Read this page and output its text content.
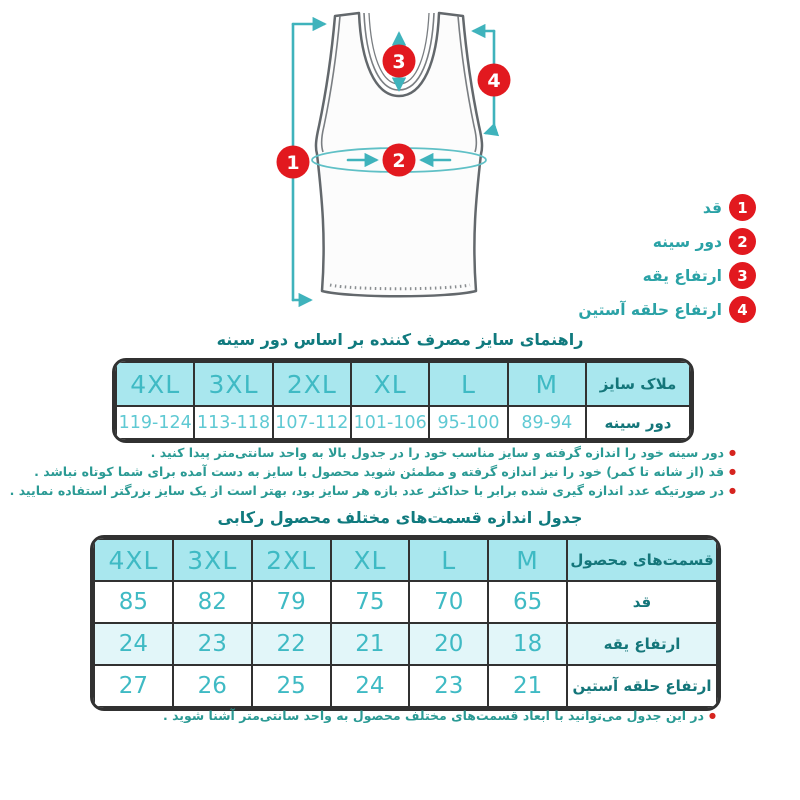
1	2
3
4
1
قد
2
دور سینه
3
ارتفاع یقه
4
ارتفاع حلقه آستین
راهنمای سایز مصرف کننده بر اساس دور سینه
ملاک سایز	M	L	XL	2XL	3XL	4XL
دور سینه	89-94	95-100	101-106	107-112	113-118	119-124
● دور سینه خود را اندازه گرفته و سایز مناسب خود را در جدول بالا به واحد سانتی‌متر پیدا کنید .
● قد (از شانه تا کمر) خود را نیز اندازه گرفته و مطمئن شوید محصول با سایز به دست آمده برای شما کوتاه نباشد .
● در صورتیکه عدد اندازه گیری شده برابر با حداکثر عدد بازه هر سایز بود، بهتر است از یک سایز بزرگتر استفاده نمایید .
جدول اندازه قسمت‌های مختلف محصول رکابی
قسمت‌های محصول	M	L	XL	2XL	3XL	4XL
قد	65	70	75	79	82	85
ارتفاع یقه	18	20	21	22	23	24
ارتفاع حلقه آستین	21	23	24	25	26	27
● در این جدول می‌توانید با ابعاد قسمت‌های مختلف محصول به واحد سانتی‌متر آشنا شوید .
